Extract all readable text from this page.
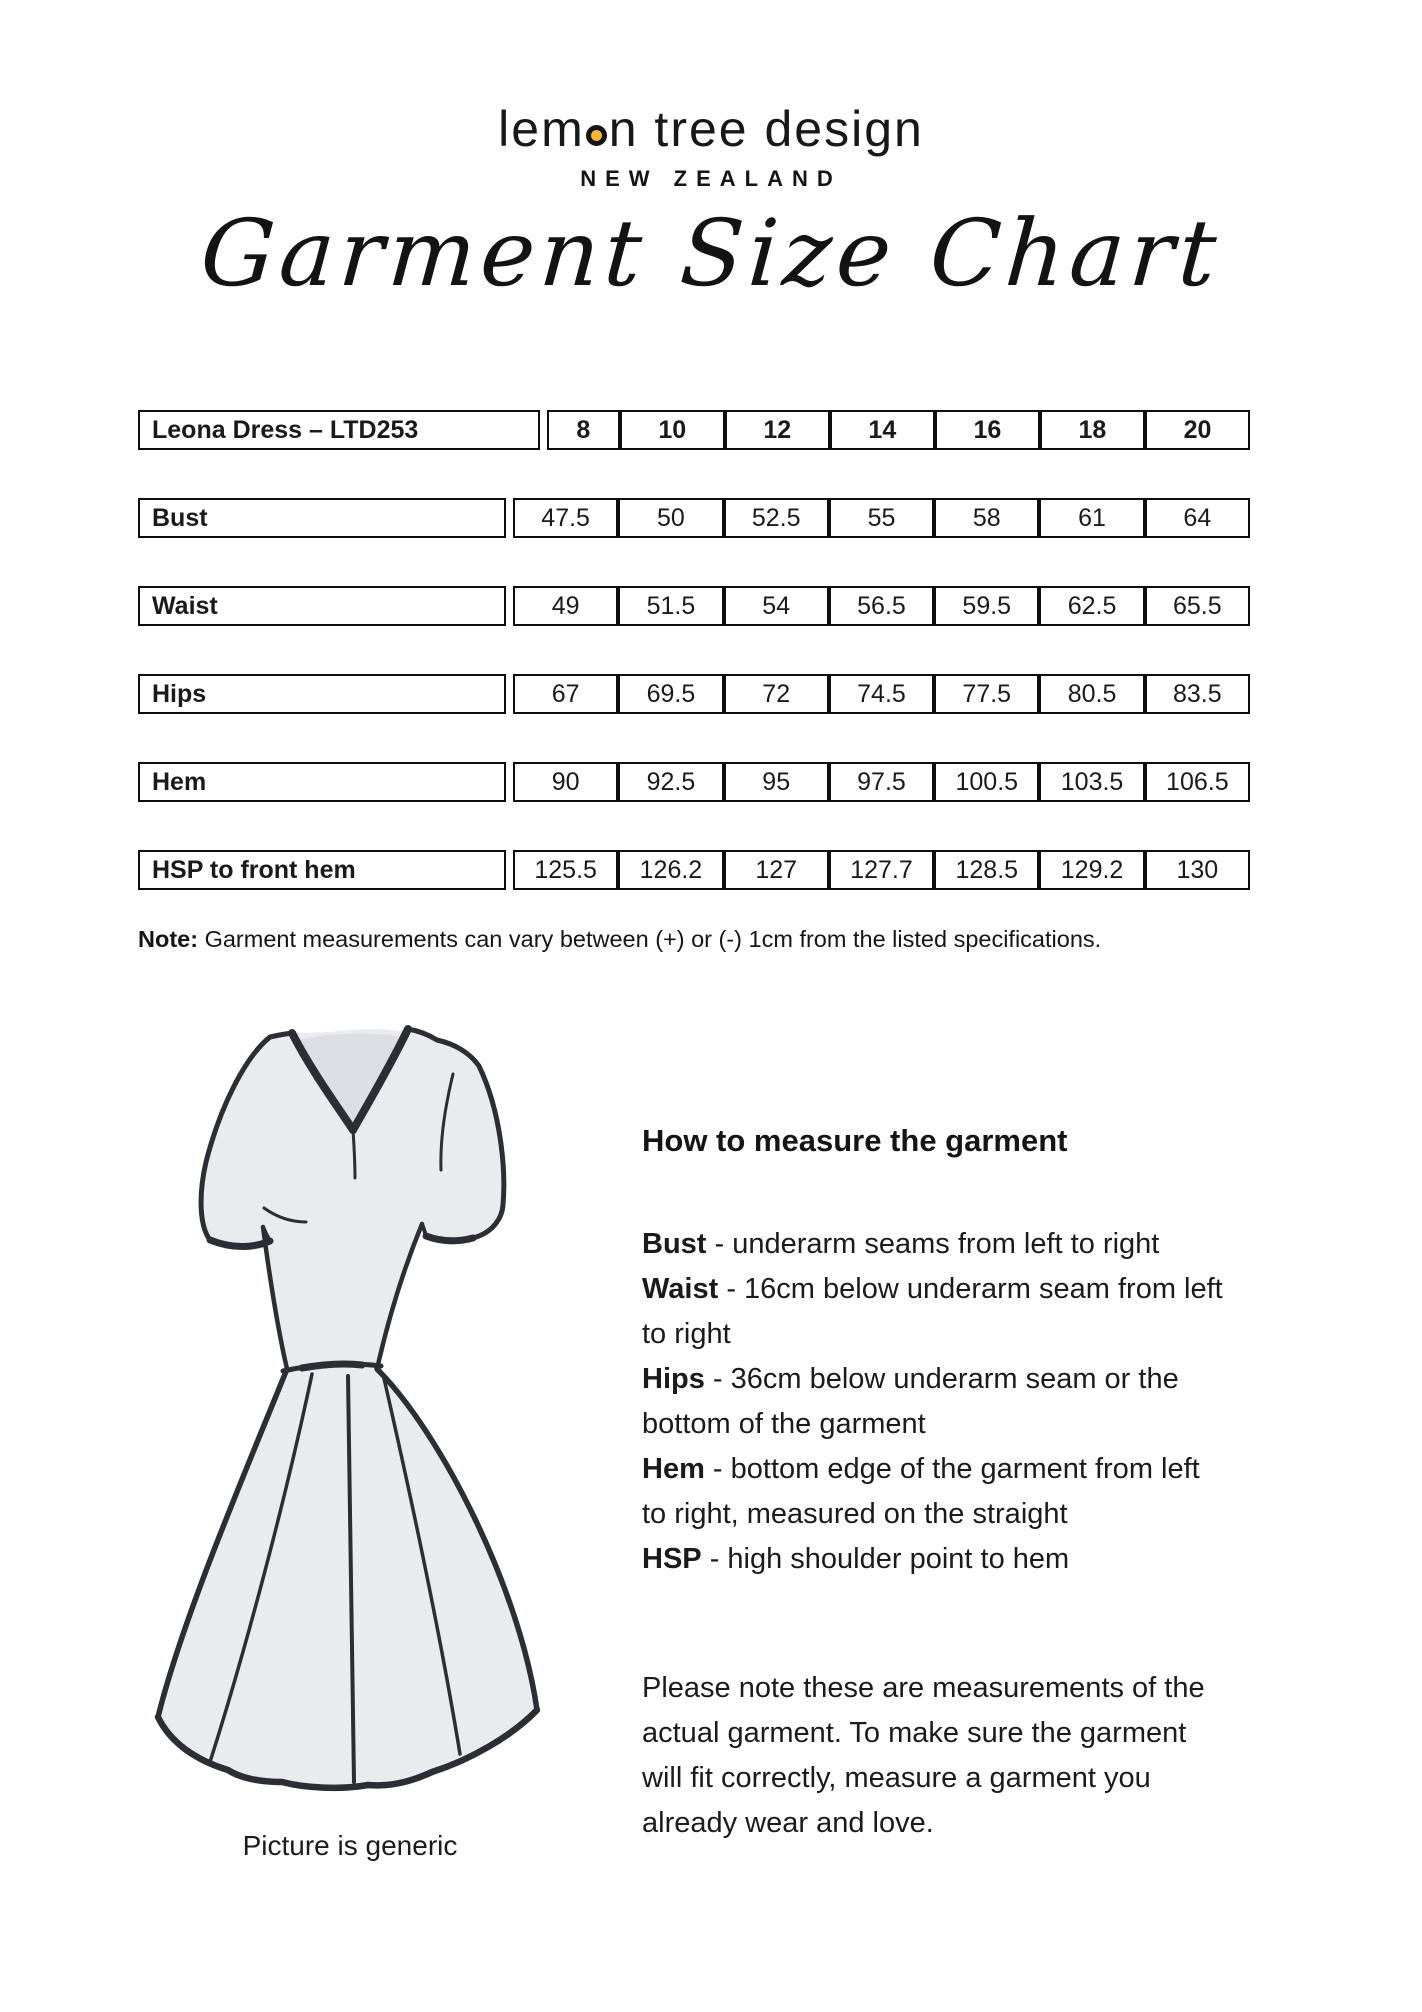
lem n tree design
NEW ZEALAND
Garment Size Chart
Leona Dress – LTD253	8	10	12	14	16	18	20
Bust	47.5	50	52.5	55	58	61	64
Waist	49	51.5	54	56.5	59.5	62.5	65.5
Hips	67	69.5	72	74.5	77.5	80.5	83.5
Hem	90	92.5	95	97.5	100.5	103.5	106.5
HSP to front hem	125.5	126.2	127	127.7	128.5	129.2	130
Note: Garment measurements can vary between (+) or (-) 1cm from the listed specifications.
Picture is generic
How to measure the garment
Bust - underarm seams from left to right
Waist - 16cm below underarm seam from left to right
Hips - 36cm below underarm seam or the bottom of the garment
Hem - bottom edge of the garment from left to right, measured on the straight
HSP - high shoulder point to hem
Please note these are measurements of the actual garment. To make sure the garment will fit correctly, measure a garment you already wear and love.
